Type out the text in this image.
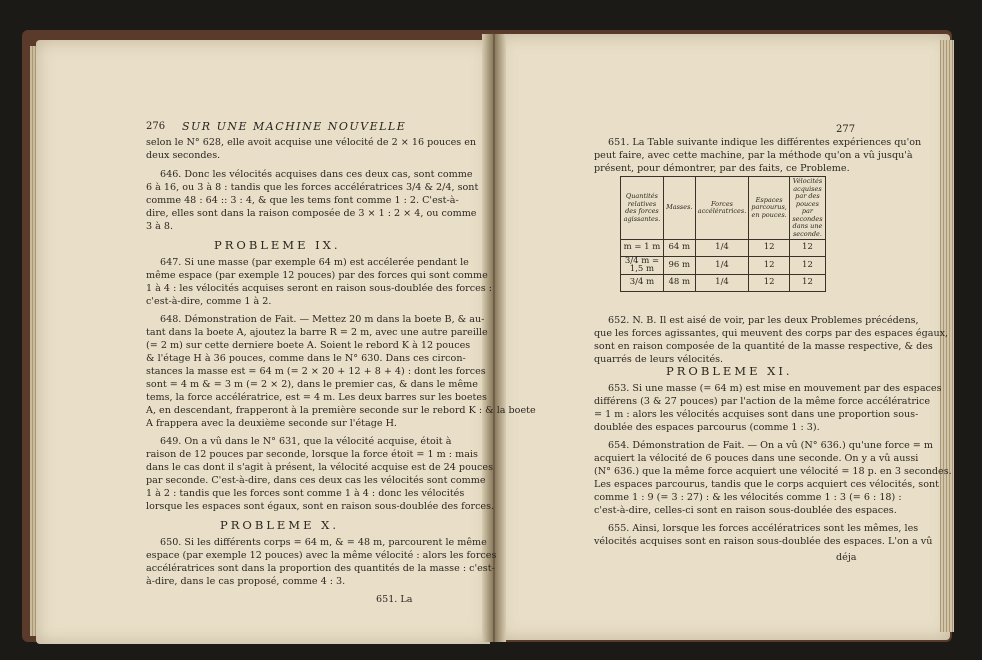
276 SUR UNE MACHINE NOUVELLE
selon le N° 628, elle avoit acquise une vélocité de 2 × 16 pouces en
deux secondes.
646. Donc les vélocités acquises dans ces deux cas, sont comme
6 à 16, ou 3 à 8 : tandis que les forces accélératrices 3/4 & 2/4, sont
comme 48 : 64 :: 3 : 4, & que les tems font comme 1 : 2. C'est-à-
dire, elles sont dans la raison composée de 3 × 1 : 2 × 4, ou comme
3 à 8.
PROBLEME IX.
647. Si une masse (par exemple 64 m) est accélerée pendant le
même espace (par exemple 12 pouces) par des forces qui sont comme
1 à 4 : les vélocités acquises seront en raison sous-doublée des forces :
c'est-à-dire, comme 1 à 2.
648. Démonstration de Fait. — Mettez 20 m dans la boete B, & au-
tant dans la boete A, ajoutez la barre R = 2 m, avec une autre pareille
(= 2 m) sur cette derniere boete A. Soient le rebord K à 12 pouces
& l'étage H à 36 pouces, comme dans le N° 630. Dans ces circon-
stances la masse est = 64 m (= 2 × 20 + 12 + 8 + 4) : dont les forces
sont = 4 m & = 3 m (= 2 × 2), dans le premier cas, & dans le même
tems, la force accélératrice, est = 4 m. Les deux barres sur les boetes
A, en descendant, frapperont à la première seconde sur le rebord K : & la boete
A frappera avec la deuxième seconde sur l'étage H.
649. On a vû dans le N° 631, que la vélocité acquise, étoit à
raison de 12 pouces par seconde, lorsque la force étoit = 1 m : mais
dans le cas dont il s'agit à présent, la vélocité acquise est de 24 pouces
par seconde. C'est-à-dire, dans ces deux cas les vélocités sont comme
1 à 2 : tandis que les forces sont comme 1 à 4 : donc les vélocités
lorsque les espaces sont égaux, sont en raison sous-doublée des forces.
PROBLEME X.
650. Si les différents corps = 64 m, & = 48 m, parcourent le même
espace (par exemple 12 pouces) avec la même vélocité : alors les forces
accélératrices sont dans la proportion des quantités de la masse : c'est-
à-dire, dans le cas proposé, comme 4 : 3.
651. La
277
651. La Table suivante indique les différentes expériences qu'on
peut faire, avec cette machine, par la méthode qu'on a vû jusqu'à
présent, pour démontrer, par des faits, ce Probleme.
Quantités relatives des forces agissantes.	Masses.	Forces accélératrices.	Espaces parcourus, en pouces.	Vélocités acquises par des pouces par secondes dans une seconde.
m = 1 m	64 m	1/4	12	12
3/4 m = 1,5 m	96 m	1/4	12	12
3/4 m	48 m	1/4	12	12
652. N. B. Il est aisé de voir, par les deux Problemes précédens,
que les forces agissantes, qui meuvent des corps par des espaces égaux,
sont en raison composée de la quantité de la masse respective, & des
quarrés de leurs vélocités.
PROBLEME XI.
653. Si une masse (= 64 m) est mise en mouvement par des espaces
différens (3 & 27 pouces) par l'action de la même force accélératrice
= 1 m : alors les vélocités acquises sont dans une proportion sous-
doublée des espaces parcourus (comme 1 : 3).
654. Démonstration de Fait. — On a vû (N° 636.) qu'une force = m
acquiert la vélocité de 6 pouces dans une seconde. On y a vû aussi
(N° 636.) que la même force acquiert une vélocité = 18 p. en 3 secondes.
Les espaces parcourus, tandis que le corps acquiert ces vélocités, sont
comme 1 : 9 (= 3 : 27) : & les vélocités comme 1 : 3 (= 6 : 18) :
c'est-à-dire, celles-ci sont en raison sous-doublée des espaces.
655. Ainsi, lorsque les forces accélératrices sont les mêmes, les
vélocités acquises sont en raison sous-doublée des espaces. L'on a vû
déja
